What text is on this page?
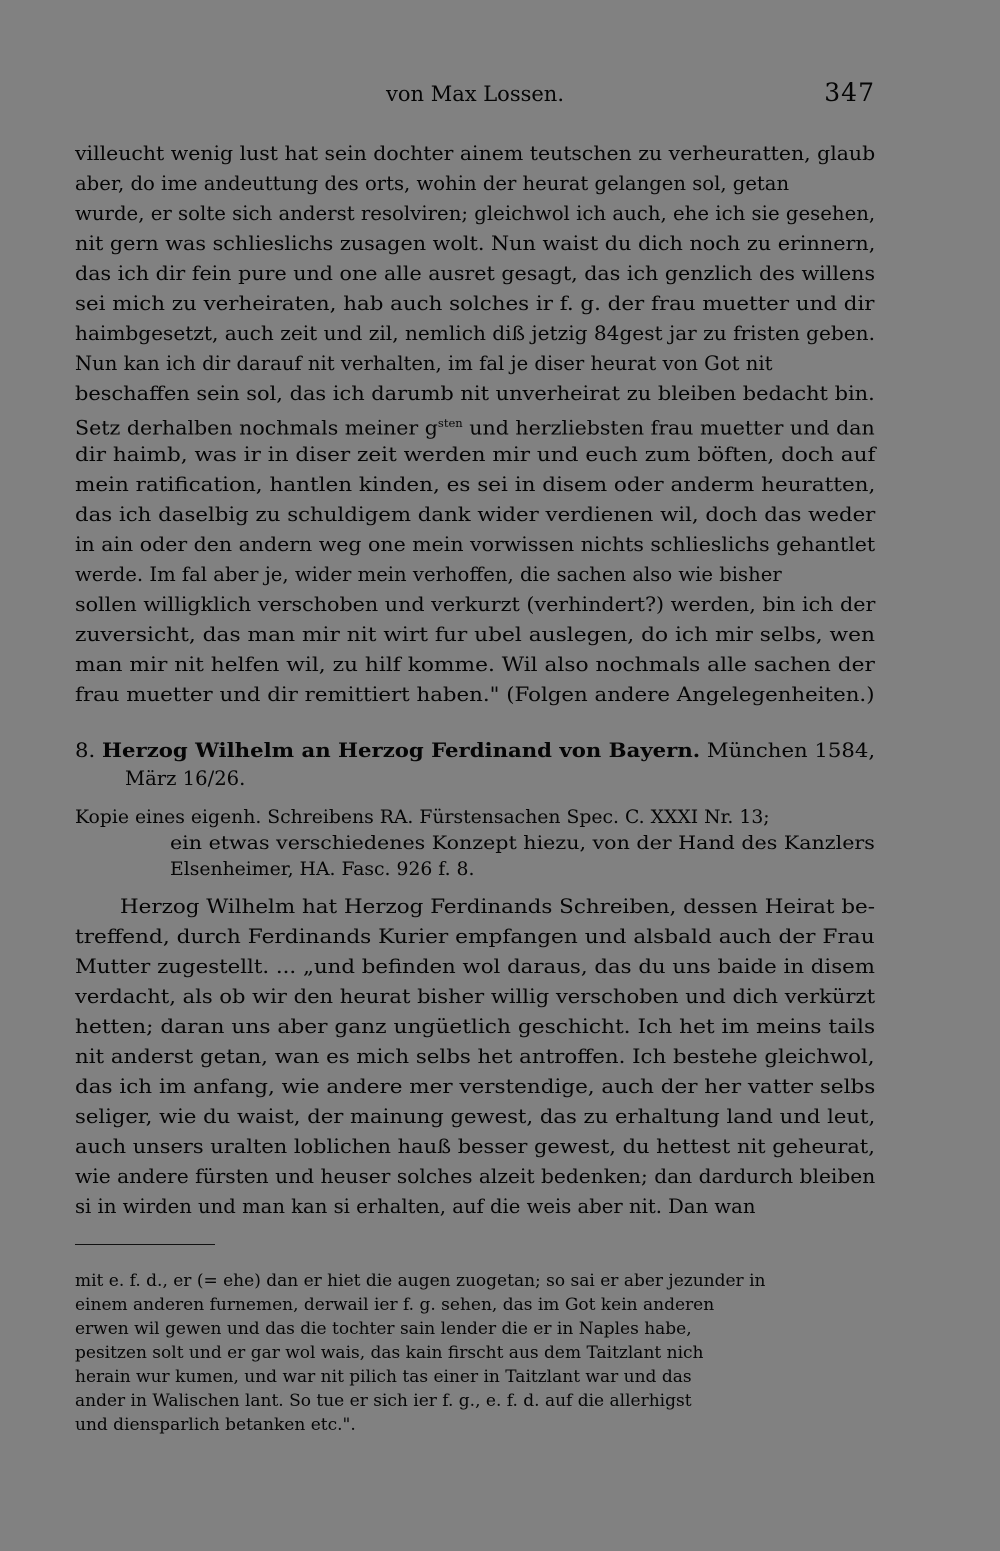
von Max Lossen.	347
villeucht wenig lust hat sein dochter ainem teutschen zu verheuratten, glaub
aber, do ime andeuttung des orts, wohin der heurat gelangen sol, getan
wurde, er solte sich anderst resolviren; gleichwol ich auch, ehe ich sie gesehen,
nit gern was schlieslichs zusagen wolt. Nun waist du dich noch zu erinnern,
das ich dir fein pure und one alle ausret gesagt, das ich genzlich des willens
sei mich zu verheiraten, hab auch solches ir f. g. der frau muetter und dir
haimbgesetzt, auch zeit und zil, nemlich diß jetzig 84gest jar zu fristen geben.
Nun kan ich dir darauf nit verhalten, im fal je diser heurat von Got nit
beschaffen sein sol, das ich darumb nit unverheirat zu bleiben bedacht bin.
Setz derhalben nochmals meiner $g^{sten}$ und herzliebsten frau muetter und dan
dir haimb, was ir in diser zeit werden mir und euch zum böften, doch auf
mein ratification, hantlen kinden, es sei in disem oder anderm heuratten,
das ich daselbig zu schuldigem dank wider verdienen wil, doch das weder
in ain oder den andern weg one mein vorwissen nichts schlieslichs gehantlet
werde. Im fal aber je, wider mein verhoffen, die sachen also wie bisher
sollen willigklich verschoben und verkurzt (verhindert?) werden, bin ich der
zuversicht, das man mir nit wirt fur ubel auslegen, do ich mir selbs, wen
man mir nit helfen wil, zu hilf komme. Wil also nochmals alle sachen der
frau muetter und dir remittiert haben." (Folgen andere Angelegenheiten.)
8. Herzog Wilhelm an Herzog Ferdinand von Bayern. München 1584,
März 16/26.
Kopie eines eigenh. Schreibens RA. Fürstensachen Spec. C. XXXI Nr. 13;
ein etwas verschiedenes Konzept hiezu, von der Hand des Kanzlers
Elsenheimer, HA. Fasc. 926 f. 8.
Herzog Wilhelm hat Herzog Ferdinands Schreiben, dessen Heirat be-
treffend, durch Ferdinands Kurier empfangen und alsbald auch der Frau
Mutter zugestellt. ... „und befinden wol daraus, das du uns baide in disem
verdacht, als ob wir den heurat bisher willig verschoben und dich verkürzt
hetten; daran uns aber ganz ungüetlich geschicht. Ich het im meins tails
nit anderst getan, wan es mich selbs het antroffen. Ich bestehe gleichwol,
das ich im anfang, wie andere mer verstendige, auch der her vatter selbs
seliger, wie du waist, der mainung gewest, das zu erhaltung land und leut,
auch unsers uralten loblichen hauß besser gewest, du hettest nit geheurat,
wie andere fürsten und heuser solches alzeit bedenken; dan dardurch bleiben
si in wirden und man kan si erhalten, auf die weis aber nit. Dan wan
mit e. f. d., er (= ehe) dan er hiet die augen zuogetan; so sai er aber jezunder in
einem anderen furnemen, derwail ier f. g. sehen, das im Got kein anderen
erwen wil gewen und das die tochter sain lender die er in Naples habe,
pesitzen solt und er gar wol wais, das kain firscht aus dem Taitzlant nich
herain wur kumen, und war nit pilich tas einer in Taitzlant war und das
ander in Walischen lant. So tue er sich ier f. g., e. f. d. auf die allerhigst
und diensparlich betanken etc.".
